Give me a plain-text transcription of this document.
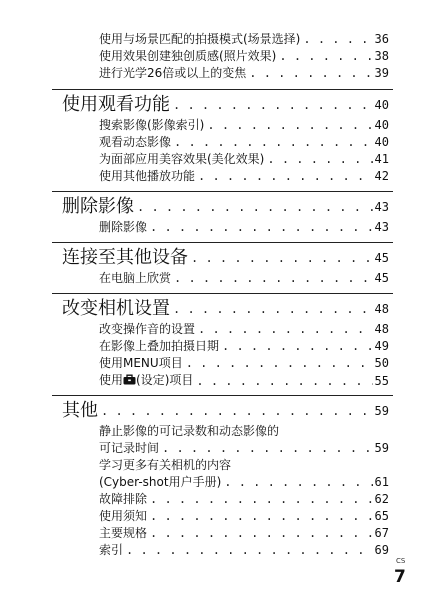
使用与场景匹配的拍摄模式(场景选择) . . .	36
使用效果创建独创质感(照片效果) . . .	38
进行光学26倍或以上的变焦 . . .	39
使用观看功能 . . .	40
搜索影像(影像索引) . . .	40
观看动态影像 . . .	40
为面部应用美容效果(美化效果) . . .	41
使用其他播放功能 . . .	42
删除影像 . . .	43
删除影像 . . .	43
连接至其他设备 . . .	45
在电脑上欣赏 . . .	45
改变相机设置 . . .	48
改变操作音的设置 . . .	48
在影像上叠加拍摄日期 . . .	49
使用MENU项目 . . .	50
使用 (设定)项目 . . .	55
其他 . . .	59
静止影像的可记录数和动态影像的
可记录时间 . . .	59
学习更多有关相机的内容
(Cyber-shot用户手册) . . .	61
故障排除 . . .	62
使用须知 . . .	65
主要规格 . . .	67
索引 . . .	69
CS
7
